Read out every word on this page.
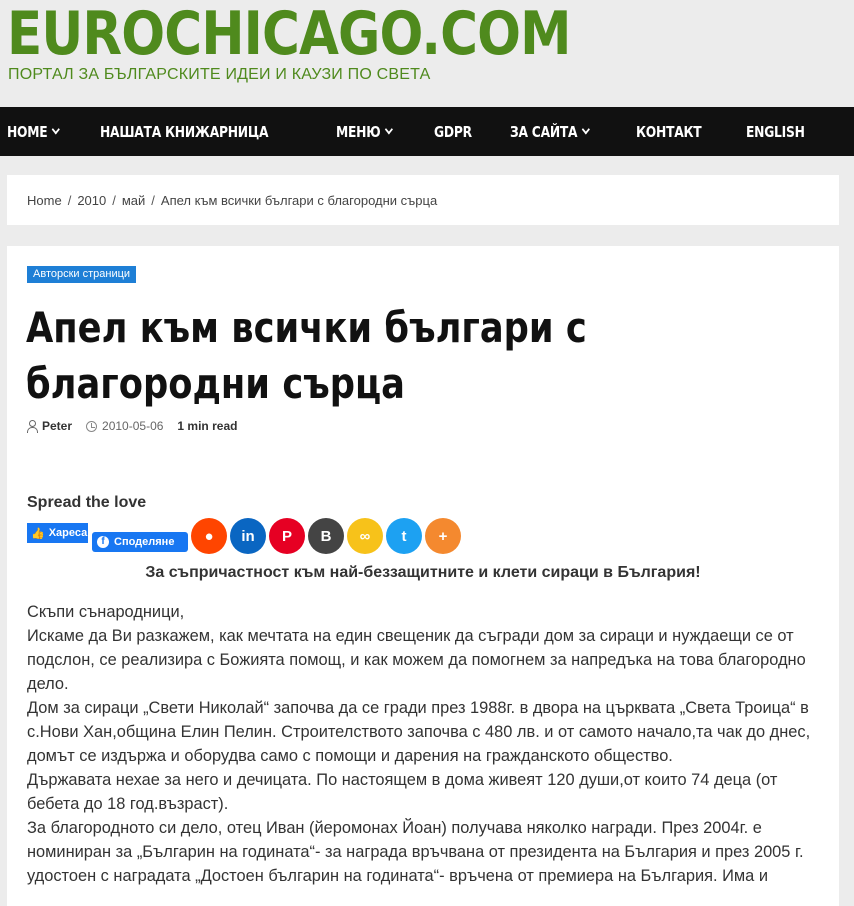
EUROCHICAGO.COM
ПОРТАЛ ЗА БЪЛГАРСКИТЕ ИДЕИ И КАУЗИ ПО СВЕТА
HOME	НАШАТА КНИЖАРНИЦА	МЕНЮ	GDPR	ЗА САЙТА	КОНТАКТ	ENGLISH
Home / 2010 / май / Апел към всички българи с благородни сърца
Авторски страници
Апел към всички българи с благородни сърца
Peter	2010-05-06 1 min read
Spread the love
👍 Хареса
f Споделяне	●	in	P	B	∞	t	+
За съпричастност към най-беззащитните и клети сираци в България!

Скъпи сънародници,

Искаме да Ви разкажем, как мечтата на един свещеник да съгради дом за сираци и нуждаещи се от подслон, се реализира с Божията помощ, и как можем да помогнем за напредъка на това благородно дело.

Дом за сираци „Свети Николай“ започва да се гради през 1988г. в двора на църквата „Света Троица“ в с.Нови Хан,община Елин Пелин. Строителството започва с 480 лв. и от самото начало,та чак до днес, домът се издържа и оборудва само с помощи и дарения на гражданското общество.

Държавата нехае за него и дечицата. По настоящем в дома живеят 120 души,от които 74 деца (от бебета до 18 год.възраст).

За благородното си дело, отец Иван (йеромонах Йоан) получава няколко награди. През 2004г. е номиниран за „Българин на годината“- за награда връчвана от президента на България и през 2005 г. удостоен с наградата „Достоен българин на годината“- връчена от премиера на България. Има и
